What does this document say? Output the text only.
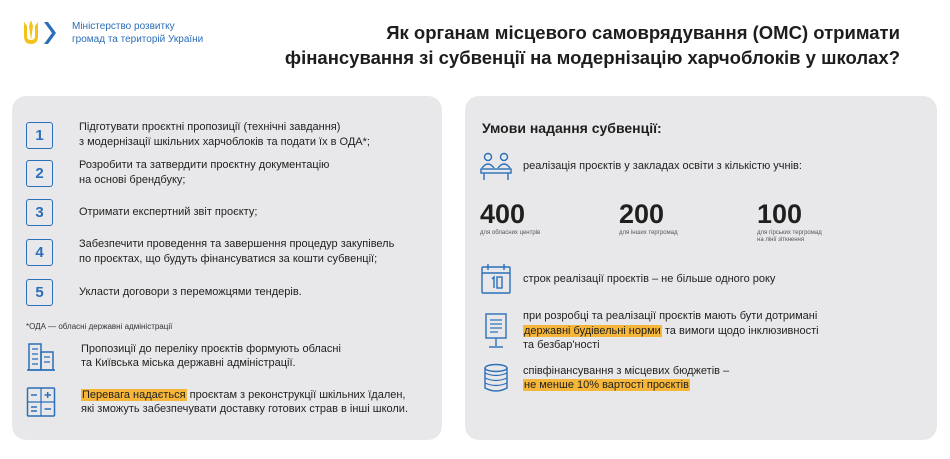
Міністерство розвитку
громад та територій України	Як органам місцевого самоврядування (ОМС) отримати
фінансування зі субвенції на модернізацію харчоблоків у школах?
1	Підготувати проєктні пропозиції (технічні завдання)
з модернізації шкільних харчоблоків та подати їх в ОДА*;
2	Розробити та затвердити проєктну документацію
на основі брендбуку;
3	Отримати експертний звіт проєкту;
4	Забезпечити проведення та завершення процедур закупівель
по проєктах, що будуть фінансуватися за кошти субвенції;
5	Укласти договори з переможцями тендерів.
*ОДА — обласні державні адміністрації
Пропозиції до переліку проєктів формують обласні
та Київська міська державні адміністрації.
Перевага надається проєктам з реконструкції шкільних їдален,
які зможуть забезпечувати доставку готових страв в інші школи.
Умови надання субвенції:
реалізація проєктів у закладах освіти з кількістю учнів:
400
для обласних центрів
200
для інших тергромад
100
для гірських тергромад
на лінії зіткнення
строк реалізації проєктів – не більше одного року
при розробці та реалізації проєктів мають бути дотримані
державні будівельні норми та вимоги щодо інклюзивності
та безбар'ності
співфінансування з місцевих бюджетів –
не менше 10% вартості проєктів
